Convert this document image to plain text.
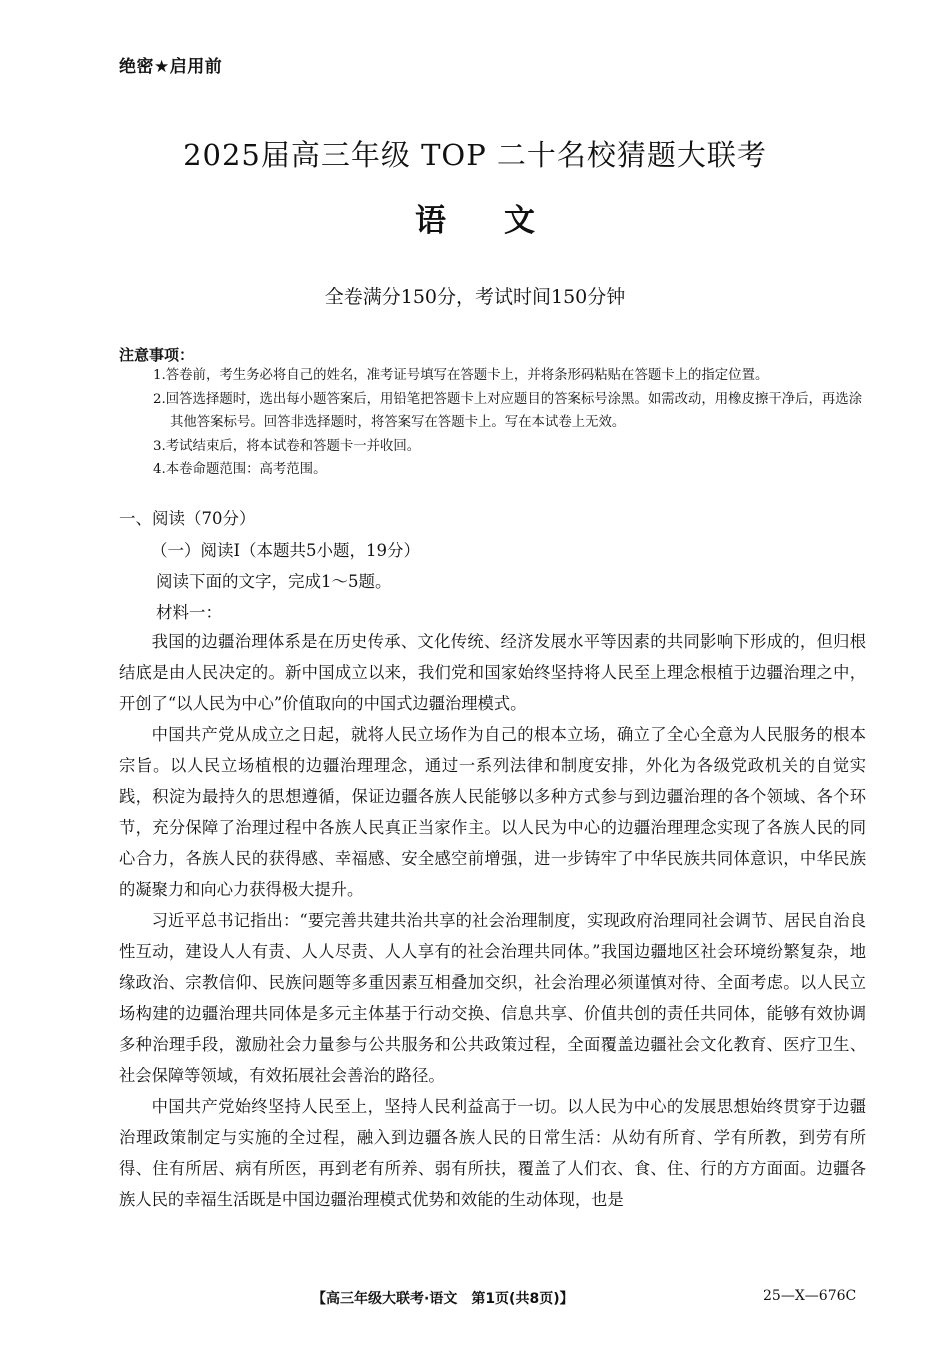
绝密★启用前
2025届高三年级 TOP 二十名校猜题大联考
语文
全卷满分150分，考试时间150分钟
注意事项：
1.答卷前，考生务必将自己的姓名，准考证号填写在答题卡上，并将条形码粘贴在答题卡上的指定位置。
2.回答选择题时，选出每小题答案后，用铅笔把答题卡上对应题目的答案标号涂黑。如需改动，用橡皮擦干净后，再选涂其他答案标号。回答非选择题时，将答案写在答题卡上。写在本试卷上无效。
3.考试结束后，将本试卷和答题卡一并收回。
4.本卷命题范围：高考范围。
一、阅读（70分）
（一）阅读Ⅰ（本题共5小题，19分）
阅读下面的文字，完成1～5题。
材料一：

我国的边疆治理体系是在历史传承、文化传统、经济发展水平等因素的共同影响下形成的，但归根结底是由人民决定的。新中国成立以来，我们党和国家始终坚持将人民至上理念根植于边疆治理之中，开创了“以人民为中心”价值取向的中国式边疆治理模式。

中国共产党从成立之日起，就将人民立场作为自己的根本立场，确立了全心全意为人民服务的根本宗旨。以人民立场植根的边疆治理理念，通过一系列法律和制度安排，外化为各级党政机关的自觉实践，积淀为最持久的思想遵循，保证边疆各族人民能够以多种方式参与到边疆治理的各个领域、各个环节，充分保障了治理过程中各族人民真正当家作主。以人民为中心的边疆治理理念实现了各族人民的同心合力，各族人民的获得感、幸福感、安全感空前增强，进一步铸牢了中华民族共同体意识，中华民族的凝聚力和向心力获得极大提升。

习近平总书记指出：“要完善共建共治共享的社会治理制度，实现政府治理同社会调节、居民自治良性互动，建设人人有责、人人尽责、人人享有的社会治理共同体。”我国边疆地区社会环境纷繁复杂，地缘政治、宗教信仰、民族问题等多重因素互相叠加交织，社会治理必须谨慎对待、全面考虑。以人民立场构建的边疆治理共同体是多元主体基于行动交换、信息共享、价值共创的责任共同体，能够有效协调多种治理手段，激励社会力量参与公共服务和公共政策过程，全面覆盖边疆社会文化教育、医疗卫生、社会保障等领域，有效拓展社会善治的路径。

中国共产党始终坚持人民至上，坚持人民利益高于一切。以人民为中心的发展思想始终贯穿于边疆治理政策制定与实施的全过程，融入到边疆各族人民的日常生活：从幼有所育、学有所教，到劳有所得、住有所居、病有所医，再到老有所养、弱有所扶，覆盖了人们衣、食、住、行的方方面面。边疆各族人民的幸福生活既是中国边疆治理模式优势和效能的生动体现，也是

【高三年级大联考·语文　第1页(共8页)】	25—X—676C
